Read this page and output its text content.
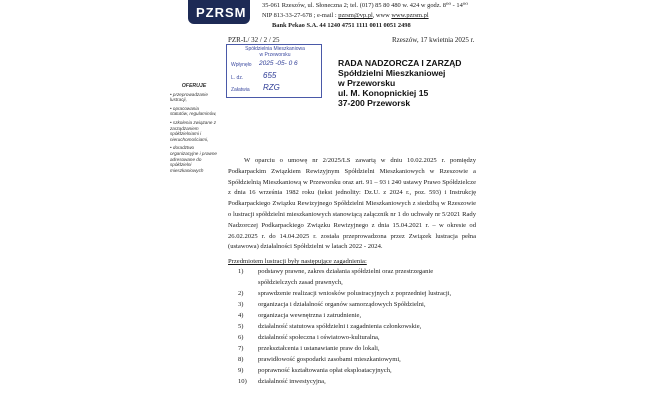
PZRSM 35-061 Rzeszów, ul. Słoneczna 2; tel. (017) 85 80 480 w. 424 w godz. 8⁰⁰ - 14⁰⁰
NIP 813-33-27-678 ; e-mail : pzrsm@vp.pl, www www.pzrsm.pl
Bank Pekao S.A. 44 1240 4751 1111 0011 0051 2498
PZR-L/ 32 / 2 / 25	Rzeszów, 17 kwietnia 2025 r.
Spółdzielnia Mieszkaniowa
w Przeworsku
Wpłynęło 2025 -05- 0 6
L. dz. 655
Załatwia RZG
RADA NADZORCZA I ZARZĄD
Spółdzielni Mieszkaniowej
w Przeworsku
ul. M. Konopnickiej 15
37-200 Przeworsk
OFERUJE
• przeprowadzanie lustracji,
• opracowania statutów, regulaminów,
• szkolenia związane z zarządzaniem spółdzielniami i nieruchomościami,
• doradztwo organizacyjne i prawne adresowane do spółdzielni mieszkaniowych

W oparciu o umowę nr 2/2025/LS zawartą w dniu 10.02.2025 r. pomiędzy Podkarpackim Związkiem Rewizyjnym Spółdzielni Mieszkaniowych w Rzeszowie a Spółdzielnią Mieszkaniową w Przeworsku oraz art. 91 – 93 i 240 ustawy Prawo Spółdzielcze z dnia 16 września 1982 roku (tekst jednolity: Dz.U. z 2024 r., poz. 593) i Instrukcję Podkarpackiego Związku Rewizyjnego Spółdzielni Mieszkaniowych z siedzibą w Rzeszowie o lustracji spółdzielni mieszkaniowych stanowiącą załącznik nr 1 do uchwały nr 5/2021 Rady Nadzorczej Podkarpackiego Związku Rewizyjnego z dnia 15.04.2021 r. – w okresie od 26.02.2025 r. do 14.04.2025 r. została przeprowadzona przez Związek lustracja pełna (ustawowa) działalności Spółdzielni w latach 2022 - 2024.

Przedmiotem lustracji były następujące zagadnienia:
1) podstawy prawne, zakres działania spółdzielni oraz przestrzeganie
spółdzielczych zasad prawnych,
2) sprawdzenie realizacji wniosków polustracyjnych z poprzedniej lustracji,
3) organizacja i działalność organów samorządowych Spółdzielni,
4) organizacja wewnętrzna i zatrudnienie,
5) działalność statutowa spółdzielni i zagadnienia członkowskie,
6) działalność społeczna i oświatowo-kulturalna,
7) przekształcenia i ustanawianie praw do lokali,
8) prawidłowość gospodarki zasobami mieszkaniowymi,
9) poprawność kształtowania opłat eksploatacyjnych,
10) działalność inwestycyjna,
